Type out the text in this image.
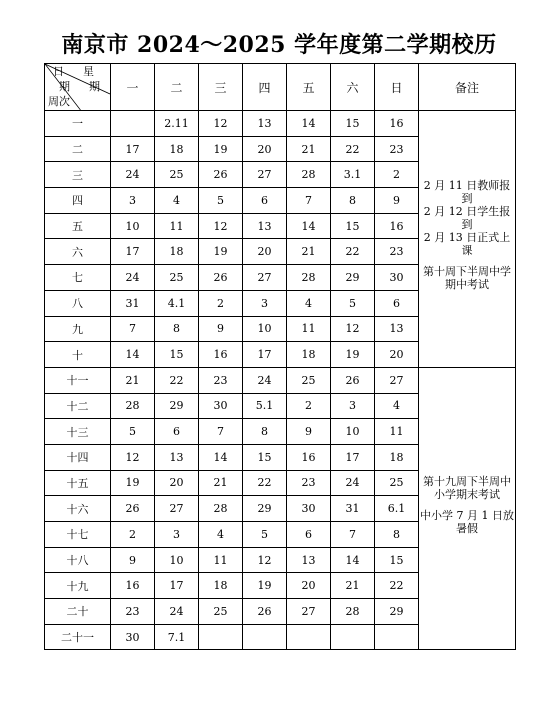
南京市 2024～2025 学年度第二学期校历
日 星
期 期
周次	一	二	三	四	五	六	日	备注
一		2.11	12	13	14	15	16	2 月 11 日教师报到
2 月 12 日学生报到
2 月 13 日正式上课

第十周下半周中学
期中考试

二	17	18	19	20	21	22	23	
三	24	25	26	27	28	3.1	2	
四	3	4	5	6	7	8	9	
五	10	11	12	13	14	15	16	
六	17	18	19	20	21	22	23	
七	24	25	26	27	28	29	30	
八	31	4.1	2	3	4	5	6	
九	7	8	9	10	11	12	13	
十	14	15	16	17	18	19	20	
十一	21	22	23	24	25	26	27	第十九周下半周中
小学期末考试

中小学 7 月 1 日放
暑假

十二	28	29	30	5.1	2	3	4	
十三	5	6	7	8	9	10	11	
十四	12	13	14	15	16	17	18	
十五	19	20	21	22	23	24	25	
十六	26	27	28	29	30	31	6.1	
十七	2	3	4	5	6	7	8	
十八	9	10	11	12	13	14	15	
十九	16	17	18	19	20	21	22	
二十	23	24	25	26	27	28	29	
二十一	30	7.1						
